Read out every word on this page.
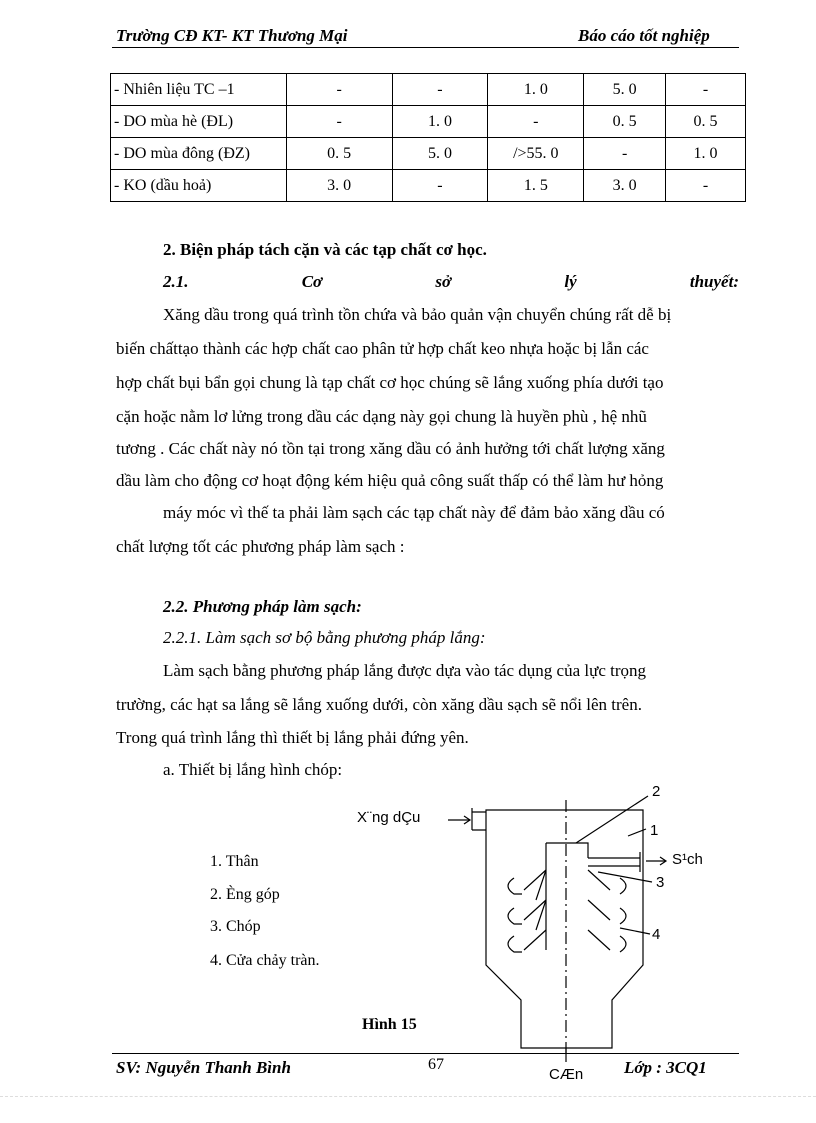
Trường CĐ KT- KT Thương Mại	Báo cáo tốt nghiệp
- Nhiên liệu TC –1	-	-	1. 0	5. 0	-
- DO mùa hè (ĐL)	-	1. 0	-	0. 5	0. 5
- DO mùa đông (ĐZ)	0. 5	5. 0	/>55. 0	-	1. 0
- KO (dầu hoả)	3. 0	-	1. 5	3. 0	-
2. Biện pháp tách cặn và các tạp chất cơ học.
2.1.	Cơ	sở	lý	thuyết:
Xăng dầu trong quá trình tồn chứa và bảo quản vận chuyển chúng rất dễ bị
biến chấttạo thành các hợp chất cao phân tử hợp chất keo nhựa hoặc bị lẫn các
hợp chất bụi bẩn gọi chung là tạp chất cơ học chúng sẽ lắng xuống phía dưới tạo
cặn hoặc nằm lơ lửng trong dầu các dạng này gọi chung là huyền phù , hệ nhũ
tương . Các chất này nó tồn tại trong xăng dầu có ảnh hưởng tới chất lượng xăng
dầu làm cho động cơ hoạt động kém hiệu quả công suất thấp có thể làm hư hỏng
máy móc vì thế ta phải làm sạch các tạp chất này để đảm bảo xăng dầu có
chất lượng tốt các phương pháp làm sạch :
2.2. Phương pháp làm sạch:
2.2.1. Làm sạch sơ bộ bằng phương pháp lắng:
Làm sạch bằng phương pháp lắng được dựa vào tác dụng của lực trọng
trường, các hạt sa lắng sẽ lắng xuống dưới, còn xăng dầu sạch sẽ nổi lên trên.
Trong quá trình lắng thì thiết bị lắng phải đứng yên.
a. Thiết bị lắng hình chóp:
1. Thân
2. Èng góp
3. Chóp
4. Cửa chảy tràn.
Hình 15
X¨ng dÇu
S¹ch
CÆn
1
2
3
4
SV: Nguyễn Thanh Bình	67	Lớp : 3CQ1
